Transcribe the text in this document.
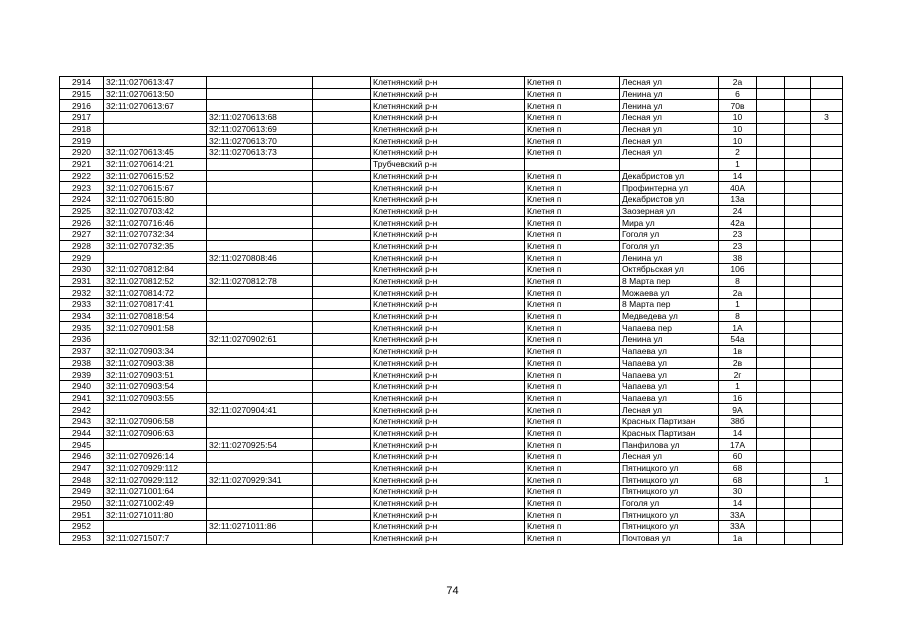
2914	32:11:0270613:47			Клетнянский р-н	Клетня п	Лесная ул	2а			
2915	32:11:0270613:50			Клетнянский р-н	Клетня п	Ленина ул	6			
2916	32:11:0270613:67			Клетнянский р-н	Клетня п	Ленина ул	70в			
2917		32:11:0270613:68		Клетнянский р-н	Клетня п	Лесная ул	10			3
2918		32:11:0270613:69		Клетнянский р-н	Клетня п	Лесная ул	10			
2919		32:11:0270613:70		Клетнянский р-н	Клетня п	Лесная ул	10			
2920	32:11:0270613:45	32:11:0270613:73		Клетнянский р-н	Клетня п	Лесная ул	2			
2921	32:11:0270614:21			Трубчевский р-н			1			
2922	32:11:0270615:52			Клетнянский р-н	Клетня п	Декабристов ул	14			
2923	32:11:0270615:67			Клетнянский р-н	Клетня п	Профинтерна ул	40А			
2924	32:11:0270615:80			Клетнянский р-н	Клетня п	Декабристов ул	13а			
2925	32:11:0270703:42			Клетнянский р-н	Клетня п	Заозерная ул	24			
2926	32:11:0270716:46			Клетнянский р-н	Клетня п	Мира ул	42а			
2927	32:11:0270732:34			Клетнянский р-н	Клетня п	Гоголя ул	23			
2928	32:11:0270732:35			Клетнянский р-н	Клетня п	Гоголя ул	23			
2929		32:11:0270808:46		Клетнянский р-н	Клетня п	Ленина ул	38			
2930	32:11:0270812:84			Клетнянский р-н	Клетня п	Октябрьская ул	106			
2931	32:11:0270812:52	32:11:0270812:78		Клетнянский р-н	Клетня п	8 Марта пер	8			
2932	32:11:0270814:72			Клетнянский р-н	Клетня п	Можаева ул	2а			
2933	32:11:0270817:41			Клетнянский р-н	Клетня п	8 Марта пер	1			
2934	32:11:0270818:54			Клетнянский р-н	Клетня п	Медведева ул	8			
2935	32:11:0270901:58			Клетнянский р-н	Клетня п	Чапаева пер	1А			
2936		32:11:0270902:61		Клетнянский р-н	Клетня п	Ленина ул	54а			
2937	32:11:0270903:34			Клетнянский р-н	Клетня п	Чапаева ул	1в			
2938	32:11:0270903:38			Клетнянский р-н	Клетня п	Чапаева ул	2в			
2939	32:11:0270903:51			Клетнянский р-н	Клетня п	Чапаева ул	2г			
2940	32:11:0270903:54			Клетнянский р-н	Клетня п	Чапаева ул	1			
2941	32:11:0270903:55			Клетнянский р-н	Клетня п	Чапаева ул	16			
2942		32:11:0270904:41		Клетнянский р-н	Клетня п	Лесная ул	9А			
2943	32:11:0270906:58			Клетнянский р-н	Клетня п	Красных Партизан	38б			
2944	32:11:0270906:63			Клетнянский р-н	Клетня п	Красных Партизан	14			
2945		32:11:0270925:54		Клетнянский р-н	Клетня п	Панфилова ул	17А			
2946	32:11:0270926:14			Клетнянский р-н	Клетня п	Лесная ул	60			
2947	32:11:0270929:112			Клетнянский р-н	Клетня п	Пятницкого ул	68			
2948	32:11:0270929:112	32:11:0270929:341		Клетнянский р-н	Клетня п	Пятницкого ул	68			1
2949	32:11:0271001:64			Клетнянский р-н	Клетня п	Пятницкого ул	30			
2950	32:11:0271002:49			Клетнянский р-н	Клетня п	Гоголя ул	14			
2951	32:11:0271011:80			Клетнянский р-н	Клетня п	Пятницкого ул	33А			
2952		32:11:0271011:86		Клетнянский р-н	Клетня п	Пятницкого ул	33А			
2953	32:11:0271507:7			Клетнянский р-н	Клетня п	Почтовая ул	1а			
74
